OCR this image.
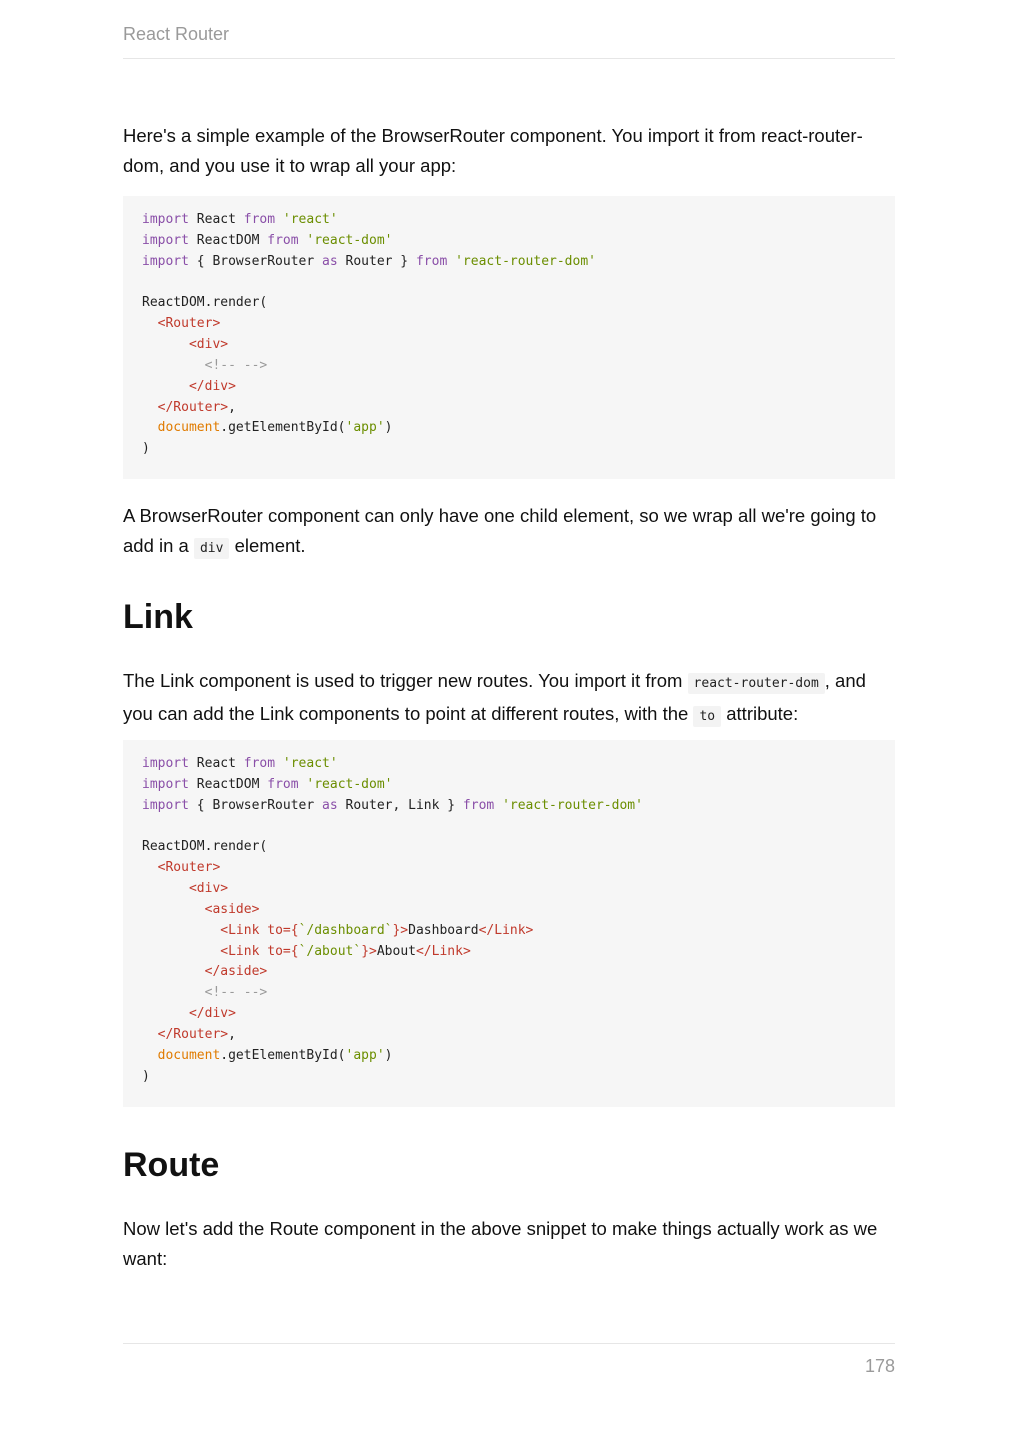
React Router

Here's a simple example of the BrowserRouter component. You import it from react-router-dom, and you use it to wrap all your app:

import React from 'react'
import ReactDOM from 'react-dom'
import { BrowserRouter as Router } from 'react-router-dom'

ReactDOM.render(
<Router>
<div>
<!-- -->
</div>
</Router>,
document.getElementById('app')
)

A BrowserRouter component can only have one child element, so we wrap all we're going to add in a div element.

Link

The Link component is used to trigger new routes. You import it from react-router-dom , and you can add the Link components to point at different routes, with the to attribute:

import React from 'react'
import ReactDOM from 'react-dom'
import { BrowserRouter as Router, Link } from 'react-router-dom'

ReactDOM.render(
<Router>
<div>
<aside>
<Link to={`/dashboard`}>Dashboard</Link>
<Link to={`/about`}>About</Link>
</aside>
<!-- -->
</div>
</Router>,
document.getElementById('app')
)
Route

Now let's add the Route component in the above snippet to make things actually work as we want:

178
